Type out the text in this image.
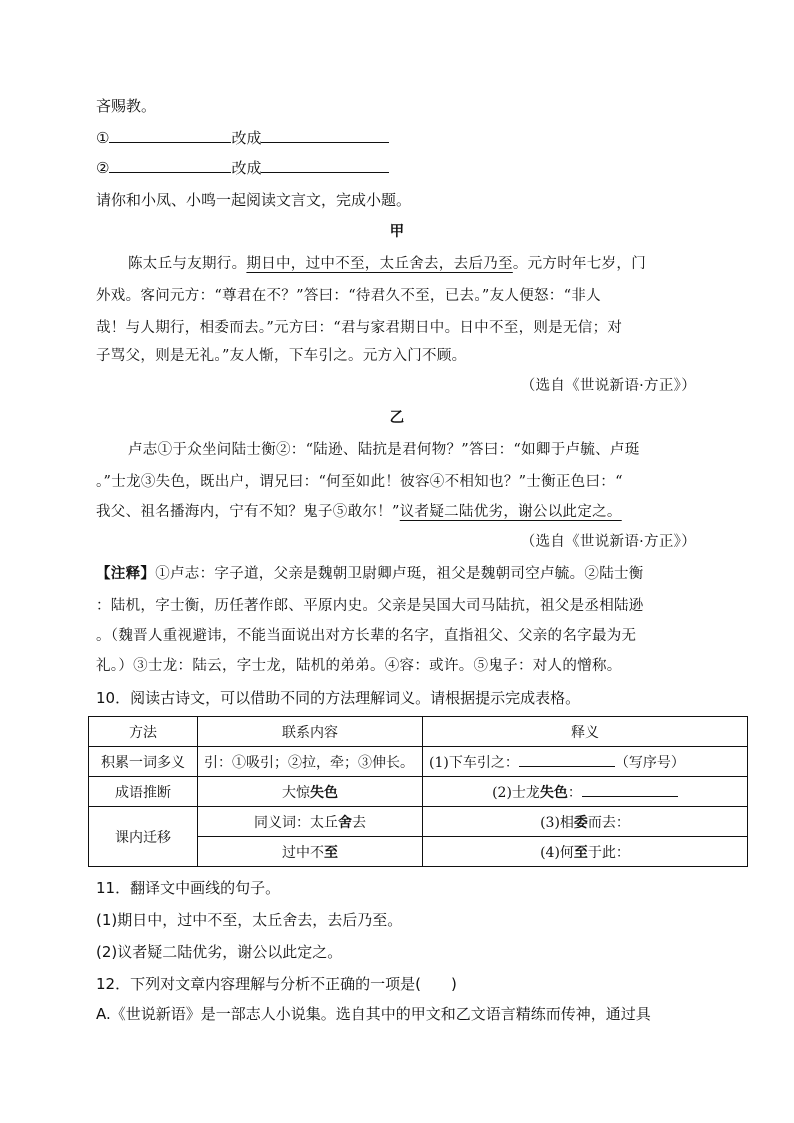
吝赐教。
①	改成
②	改成
请你和小凤、小鸣一起阅读文言文，完成小题。
甲
陈太丘与友期行。期日中，过中不至，太丘舍去，去后乃至。元方时年七岁，门
外戏。客问元方：“尊君在不？”答曰：“待君久不至，已去。”友人便怒：“非人
哉！与人期行，相委而去。”元方曰：“君与家君期日中。日中不至，则是无信；对
子骂父，则是无礼。”友人惭，下车引之。元方入门不顾。
（选自《世说新语·方正》）
乙
卢志①于众坐问陆士衡②：“陆逊、陆抗是君何物？”答曰：“如卿于卢毓、卢珽
。”士龙③失色，既出户，谓兄曰：“何至如此！彼容④不相知也？”士衡正色曰：“
我父、祖名播海内，宁有不知？鬼子⑤敢尔！”议者疑二陆优劣，谢公以此定之。
（选自《世说新语·方正》）
【注释】①卢志：字子道，父亲是魏朝卫尉卿卢珽，祖父是魏朝司空卢毓。②陆士衡
：陆机，字士衡，历任著作郎、平原内史。父亲是吴国大司马陆抗，祖父是丞相陆逊
。（魏晋人重视避讳，不能当面说出对方长辈的名字，直指祖父、父亲的名字最为无
礼。）③士龙：陆云，字士龙，陆机的弟弟。④容：或许。⑤鬼子：对人的憎称。
10．阅读古诗文，可以借助不同的方法理解词义。请根据提示完成表格。
方法	联系内容	释义
积累一词多义	引：①吸引；②拉，牵；③伸长。	(1)下车引之： （写序号）
成语推断	大惊失色	(2)士龙失色：
课内迁移	同义词：太丘舍去	(3)相委而去：
	过中不至	(4)何至于此：
11．翻译文中画线的句子。
(1)期日中，过中不至，太丘舍去，去后乃至。
(2)议者疑二陆优劣，谢公以此定之。
12．下列对文章内容理解与分析不正确的一项是(　　)
A.《世说新语》是一部志人小说集。选自其中的甲文和乙文语言精练而传神，通过具
